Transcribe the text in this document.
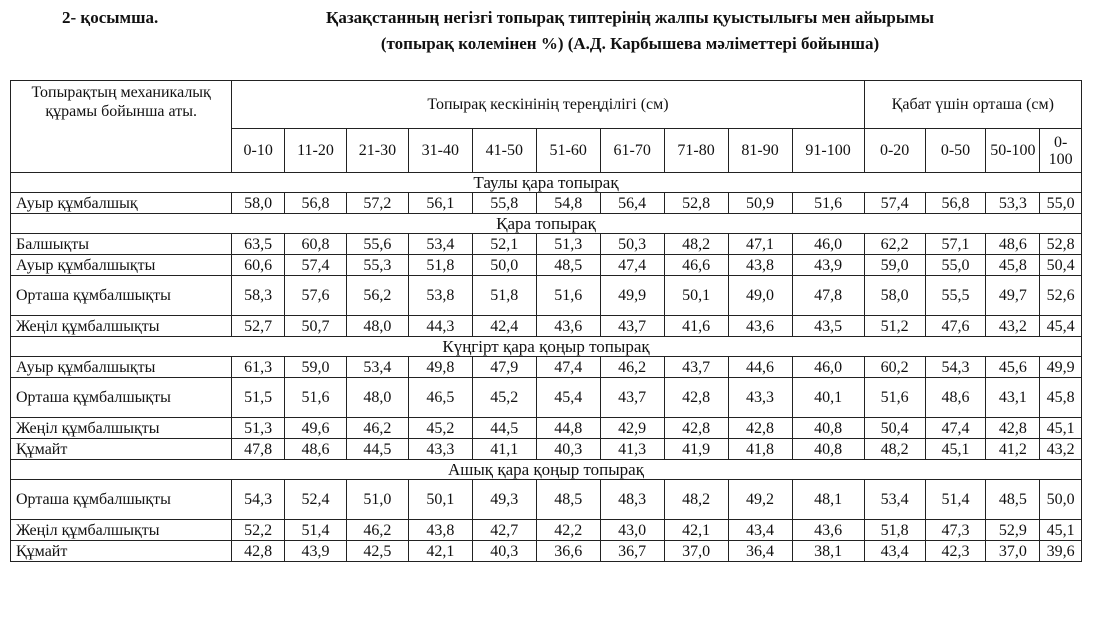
2- қосымша.	Қазақстанның негізгі топырақ типтерінің жалпы қуыстылығы мен айырымы
(топырақ колемінен %) (А.Д. Карбышева мәліметтері бойынша)
Топырақтың механикалық құрамы бойынша аты.	Топырақ кескінінің тереңділігі (см)										Қабат үшін орташа (см)			
	0-10	11-20	21-30	31-40	41-50	51-60	61-70	71-80	81-90	91-100	0-20	0-50	50-100	0-100
Таулы қара топырақ														
Ауыр құмбалшық	58,0	56,8	57,2	56,1	55,8	54,8	56,4	52,8	50,9	51,6	57,4	56,8	53,3	55,0
Қара топырақ														
Балшықты	63,5	60,8	55,6	53,4	52,1	51,3	50,3	48,2	47,1	46,0	62,2	57,1	48,6	52,8
Ауыр құмбалшықты	60,6	57,4	55,3	51,8	50,0	48,5	47,4	46,6	43,8	43,9	59,0	55,0	45,8	50,4
Орташа құмбалшықты	58,3	57,6	56,2	53,8	51,8	51,6	49,9	50,1	49,0	47,8	58,0	55,5	49,7	52,6
Жеңіл құмбалшықты	52,7	50,7	48,0	44,3	42,4	43,6	43,7	41,6	43,6	43,5	51,2	47,6	43,2	45,4
Күңгірт қара қоңыр топырақ														
Ауыр құмбалшықты	61,3	59,0	53,4	49,8	47,9	47,4	46,2	43,7	44,6	46,0	60,2	54,3	45,6	49,9
Орташа құмбалшықты	51,5	51,6	48,0	46,5	45,2	45,4	43,7	42,8	43,3	40,1	51,6	48,6	43,1	45,8
Жеңіл құмбалшықты	51,3	49,6	46,2	45,2	44,5	44,8	42,9	42,8	42,8	40,8	50,4	47,4	42,8	45,1
Құмайт	47,8	48,6	44,5	43,3	41,1	40,3	41,3	41,9	41,8	40,8	48,2	45,1	41,2	43,2
Ашық қара қоңыр топырақ														
Орташа құмбалшықты	54,3	52,4	51,0	50,1	49,3	48,5	48,3	48,2	49,2	48,1	53,4	51,4	48,5	50,0
Жеңіл құмбалшықты	52,2	51,4	46,2	43,8	42,7	42,2	43,0	42,1	43,4	43,6	51,8	47,3	52,9	45,1
Құмайт	42,8	43,9	42,5	42,1	40,3	36,6	36,7	37,0	36,4	38,1	43,4	42,3	37,0	39,6
